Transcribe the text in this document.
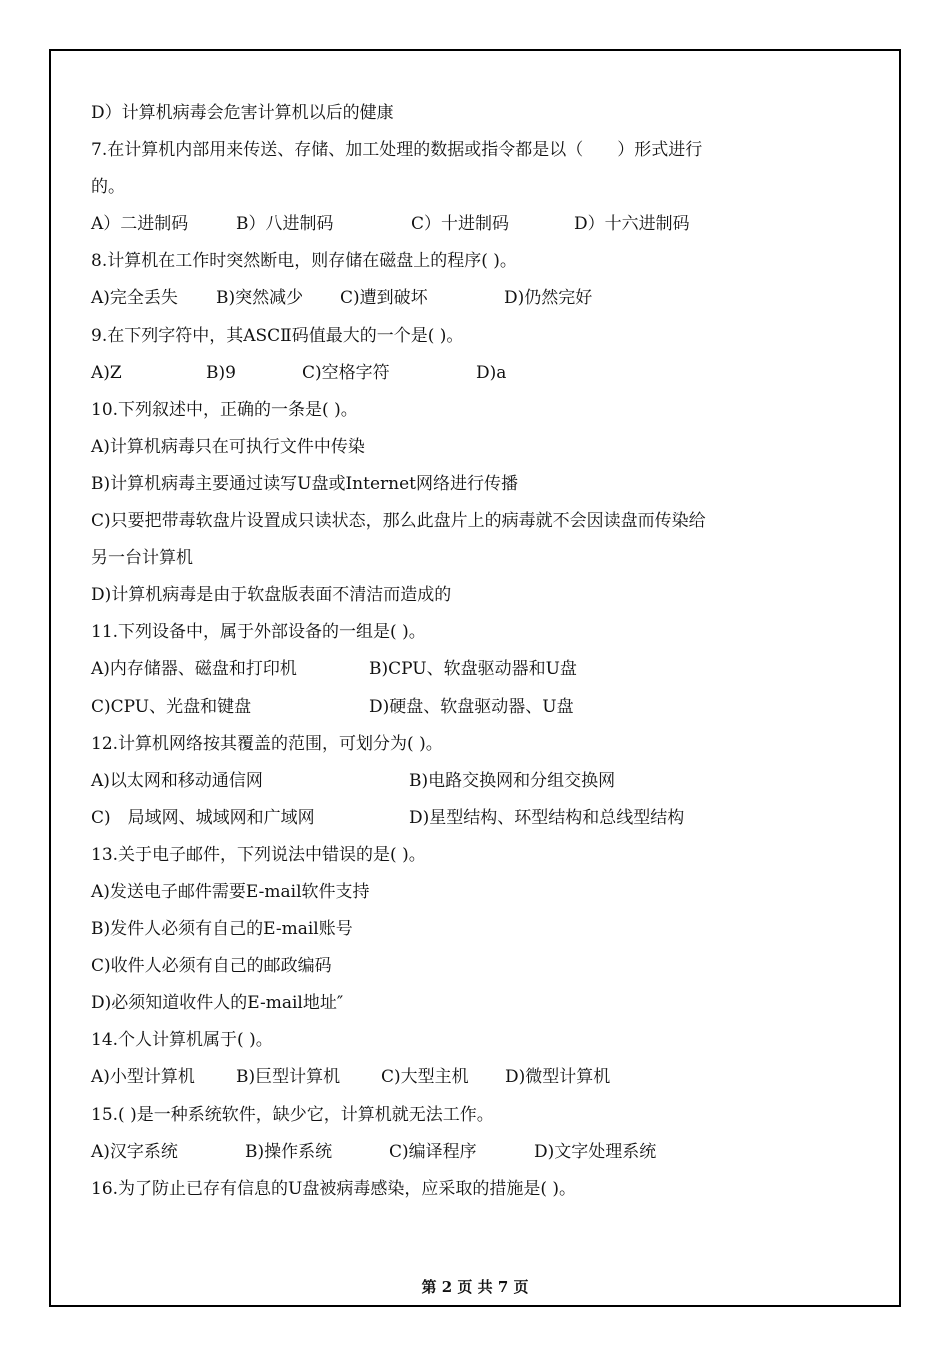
D）计算机病毒会危害计算机以后的健康
7.在计算机内部用来传送、存储、加工处理的数据或指令都是以（　　）形式进行
的。
A）二进制码	B）八进制码	C）十进制码	D）十六进制码
8.计算机在工作时突然断电，则存储在磁盘上的程序( )。
A)完全丢失	B)突然减少	C)遭到破坏	D)仍然完好
9.在下列字符中，其ASCⅡ码值最大的一个是( )。
A)Z	B)9	C)空格字符	D)a
10.下列叙述中，正确的一条是( )。
A)计算机病毒只在可执行文件中传染
B)计算机病毒主要通过读写U盘或Internet网络进行传播
C)只要把带毒软盘片设置成只读状态，那么此盘片上的病毒就不会因读盘而传染给
另一台计算机
D)计算机病毒是由于软盘版表面不清洁而造成的
11.下列设备中，属于外部设备的一组是( )。
A)内存储器、磁盘和打印机	B)CPU、软盘驱动器和U盘
C)CPU、光盘和键盘	D)硬盘、软盘驱动器、U盘
12.计算机网络按其覆盖的范围，可划分为( )。
A)以太网和移动通信网	B)电路交换网和分组交换网
C)　局域网、城域网和广域网	D)星型结构、环型结构和总线型结构
13.关于电子邮件，下列说法中错误的是( )。
A)发送电子邮件需要E-mail软件支持
B)发件人必须有自己的E-mail账号
C)收件人必须有自己的邮政编码
D)必须知道收件人的E-mail地址″
14.个人计算机属于( )。
A)小型计算机	B)巨型计算机	C)大型主机	D)微型计算机
15.( )是一种系统软件，缺少它，计算机就无法工作。
A)汉字系统	B)操作系统	C)编译程序	D)文字处理系统
16.为了防止已存有信息的U盘被病毒感染，应采取的措施是( )。
第 2 页 共 7 页
